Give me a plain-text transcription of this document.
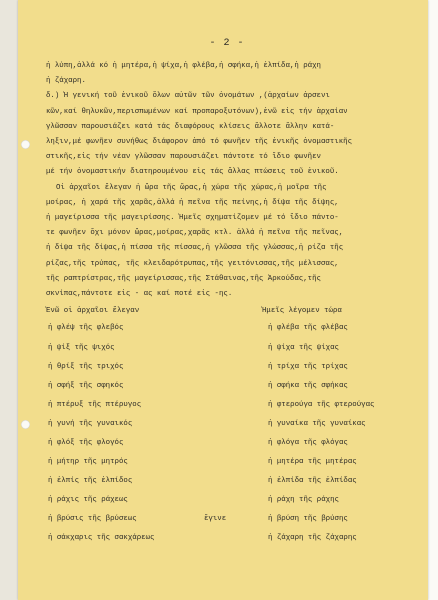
- 2 -
ἡ λύπη,ἀλλά κό ἡ μητέρα,ἡ ψίχα,ἡ φλέβα,ἡ σφήκα,ἡ ἐλπίδα,ἡ ράχη
ἡ ζάχαρη.
δ.) Ἡ γενική τοῦ ἑνικοῦ ὅλων αὐτῶν τῶν ὀνομάτων ,(ἀρχαίων ἀρσενι
κῶν,καί θηλυκῶν,περισπωμένων καί προπαροξυτόνων),ἐνῶ εἰς τήν ἀρχαίαν
γλῶσσαν παρουσιάζει κατά τάς διαφόρους κλίσεις ἄλλοτε ἄλλην κατά-
ληξιν,μέ φωνῆεν συνήθως διάφορον ἀπό τό φωνῆεν τῆς ἐνικῆς ὀνομαστικῆς
στικῆς,εἰς τήν νέαν γλῶσσαν παρουσιάζει πάντοτε τό ἴδιο φωνῆεν
μέ τήν ὀνομαστικήν διατηρουμένου εἰς τάς ἄλλας πτώσεις τοῦ ἑνικοῦ.
Οἱ ἀρχαῖοι ἔλεγαν ἡ ὥρα τῆς ὥρας,ἡ χώρα τῆς χώρας,ἡ μοῖρα τῆς
μοίρας, ἡ χαρά τῆς χαρᾶς,ἀλλά ἡ πεῖνα τῆς πείνης,ἡ δίψα τῆς δίψης,
ἡ μαγείρισσα τῆς μαγειρίσσης. Ἡμεῖς σχηματίζομεν μέ τό ἴδιο πάντο-
τε φωνῆεν ὄχι μόνον ὥρας,μοίρας,χαρᾶς κτλ. ἀλλά ἡ πεῖνα τῆς πεῖνας,
ἡ δίψα τῆς δίψας,ἡ πίσσα τῆς πίσσας,ἡ γλῶσσα τῆς γλώσσας,ἡ ρίζα τῆς
ρίζας,τῆς τρύπας, τῆς κλειδαρότρυπας,τῆς γειτόνισσας,τῆς μέλισσας,
τῆς ραπτρίστρας,τῆς μαγείρισσας,τῆς Στάθαινας,τῆς Ἀρκούδας,τῆς
σκνίπας,πάντοτε εἰς - ας καί ποτέ εἰς -ης.
Ἐνῶ οἱ ἀρχαῖοι ἔλεγαν
ἡ φλέψ τῆς φλεβός
ἡ ψίξ τῆς ψιχός
ἡ θρίξ τῆς τριχός
ἡ σφήξ τῆς σφηκός
ἡ πτέρυξ τῆς πτέρυγος
ἡ γυνή τῆς γυναικός
ἡ φλόξ τῆς φλογός
ἡ μήτηρ τῆς μητρός
ἡ ἐλπίς τῆς ἐλπίδος
ἡ ράχις τῆς ράχεως
ἡ βρύσις τῆς βρύσεως	ἔγινε
ἡ σάκχαρις τῆς σακχάρεως
Ἡμεῖς λέγομεν τώρα
ἡ φλέβα τῆς φλέβας
ἡ ψίχα τῆς ψίχας
ἡ τρίχα τῆς τρίχας
ἡ σφήκα τῆς σφήκας
ἡ φτερούγα τῆς φτερούγας
ἡ γυναίκα τῆς γυναίκας
ἡ φλόγα τῆς φλόγας
ἡ μητέρα τῆς μητέρας
ἡ ἐλπίδα τῆς ἐλπίδας
ἡ ράχη τῆς ράχης
ἡ βρύση τῆς βρύσης
ἡ ζάχαρη τῆς ζάχαρης
